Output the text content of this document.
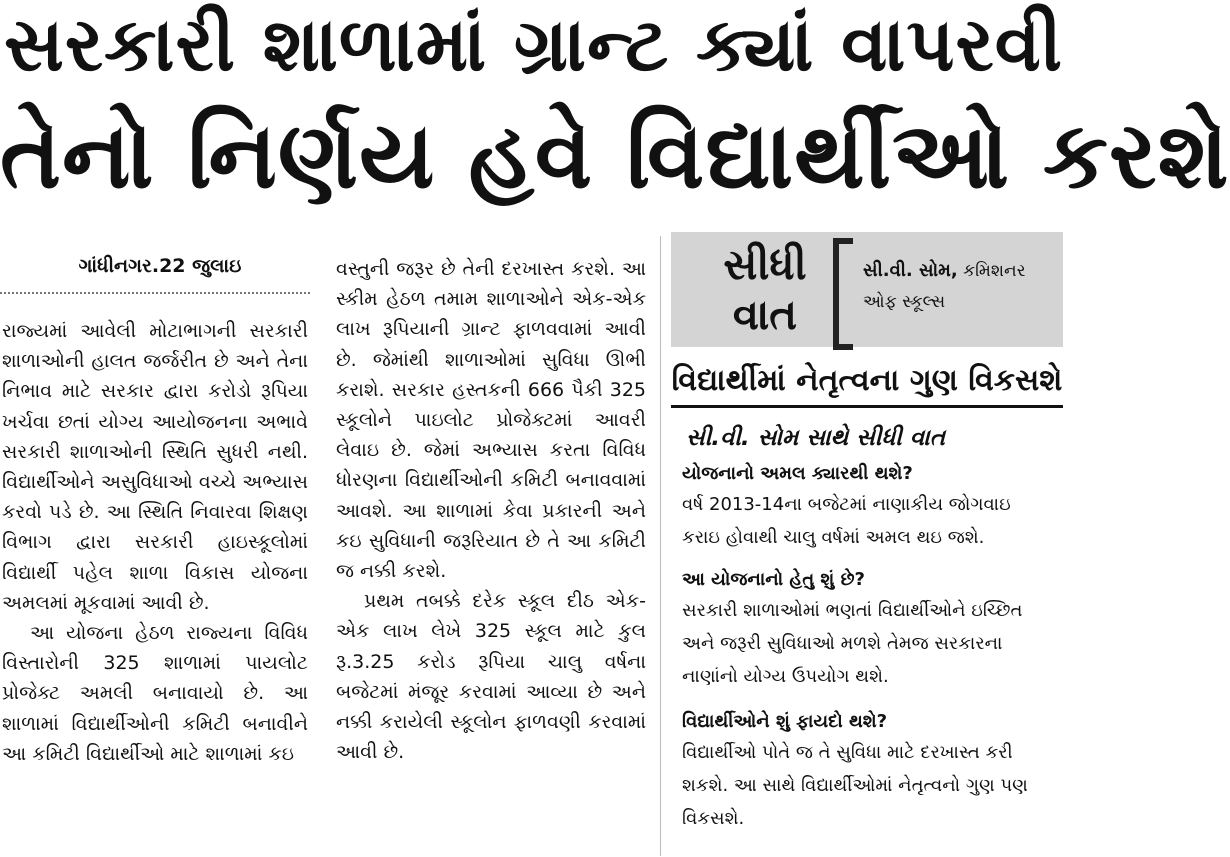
સરકારી શાળામાં ગ્રાન્ટ ક્યાં વાપરવી
તેનો નિર્ણય હવે વિદ્યાર્થીઓ કરશે
ગાંધીનગર.22 જુલાઇ

રાજ્યમાં આવેલી મોટાભાગની સરકારી શાળાઓની હાલત જર્જરીત છે અને તેના નિભાવ માટે સરકાર દ્વારા કરોડો રૂપિયા ખર્ચવા છતાં યોગ્ય આયોજનના અભાવે સરકારી શાળાઓની સ્થિતિ સુધરી નથી. વિદ્યાર્થીઓને અસુવિધાઓ વચ્ચે અભ્યાસ કરવો પડે છે. આ સ્થિતિ નિવારવા શિક્ષણ વિભાગ દ્વારા સરકારી હાઇસ્કૂલોમાં વિદ્યાર્થી પહેલ શાળા વિકાસ યોજના અમલમાં મૂકવામાં આવી છે.

આ યોજના હેઠળ રાજ્યના વિવિધ વિસ્તારોની 325 શાળામાં પાયલોટ પ્રોજેક્ટ અમલી બનાવાયો છે. આ શાળામાં વિદ્યાર્થીઓની કમિટી બનાવીને આ કમિટી વિદ્યાર્થીઓ માટે શાળામાં કઇ

વસ્તુની જરૂર છે તેની દરખાસ્ત કરશે. આ સ્કીમ હેઠળ તમામ શાળાઓને એક-એક લાખ રૂપિયાની ગ્રાન્ટ ફાળવવામાં આવી છે. જેમાંથી શાળાઓમાં સુવિધા ઊભી કરાશે. સરકાર હસ્તકની 666 પૈકી 325 સ્કૂલોને પાઇલોટ પ્રોજેક્ટમાં આવરી લેવાઇ છે. જેમાં અભ્યાસ કરતા વિવિધ ધોરણના વિદ્યાર્થીઓની કમિટી બનાવવામાં આવશે. આ શાળામાં કેવા પ્રકારની અને કઇ સુવિધાની જરૂરિયાત છે તે આ કમિટી જ નક્કી કરશે.

પ્રથમ તબક્કે દરેક સ્કૂલ દીઠ એક-એક લાખ લેખે 325 સ્કૂલ માટે કુલ રૂ.3.25 કરોડ રૂપિયા ચાલુ વર્ષના બજેટમાં મંજૂર કરવામાં આવ્યા છે અને નક્કી કરાયેલી સ્કૂલોન ફાળવણી કરવામાં આવી છે.

સીધી વાત
સી.વી. સોમ, કમિશનર
ઓફ સ્કૂલ્સ
વિદ્યાર્થીમાં નેતૃત્વના ગુણ વિકસશે
સી.વી. સોમ સાથે સીધી વાત

યોજનાનો અમલ ક્યારથી થશે?

વર્ષ 2013-14ના બજેટમાં નાણાકીય જોગવાઇ કરાઇ હોવાથી ચાલુ વર્ષમાં અમલ થઇ જશે.

આ યોજનાનો હેતુ શું છે?

સરકારી શાળાઓમાં ભણતાં વિદ્યાર્થીઓને ઇચ્છિત અને જરૂરી સુવિધાઓ મળશે તેમજ સરકારના નાણાંનો યોગ્ય ઉપયોગ થશે.

વિદ્યાર્થીઓને શું ફાયદો થશે?

વિદ્યાર્થીઓ પોતે જ તે સુવિધા માટે દરખાસ્ત કરી શકશે. આ સાથે વિદ્યાર્થીઓમાં નેતૃત્વનો ગુણ પણ વિકસશે.
